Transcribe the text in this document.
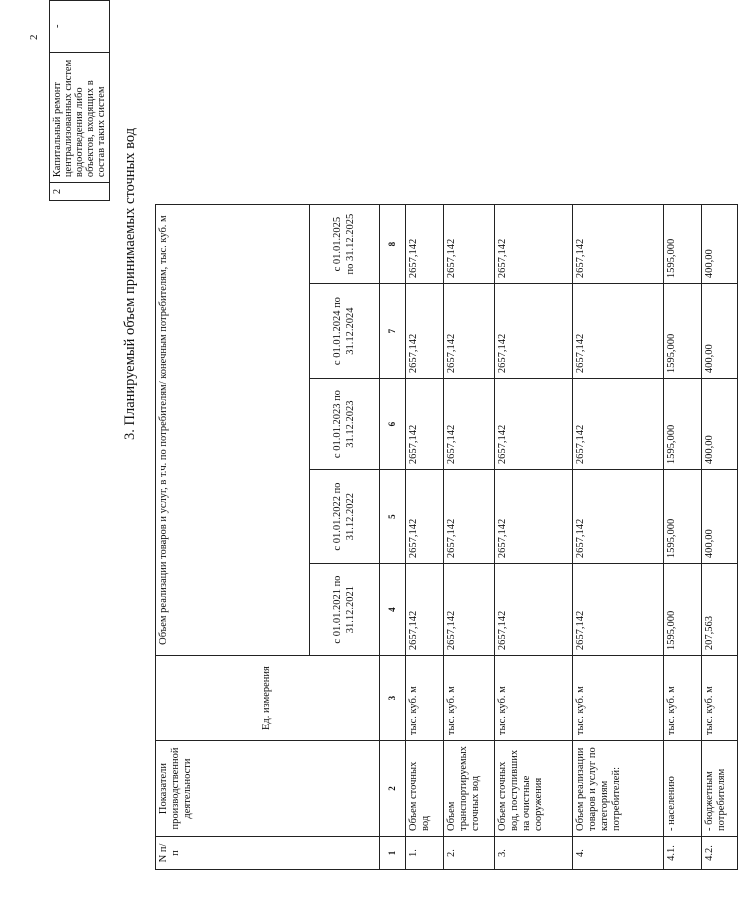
2
2	Капитальный ремонт централизованных систем водоотведения либо объектов, входящих в состав таких систем	-
3. Планируемый объем принимаемых сточных вод
N п/п	Показатели производственной деятельности	Ед. измерения	Объем реализации товаров и услуг, в т.ч. по потребителям/ конечным потребителям, тыс. куб. м				
			с 01.01.2021 по 31.12.2021	с 01.01.2022 по 31.12.2022	с 01.01.2023 по 31.12.2023	с 01.01.2024 по 31.12.2024	с 01.01.2025 по 31.12.2025
1	2	3	4	5	6	7	8
1.	Объем сточных вод	тыс. куб. м	2657,142	2657,142	2657,142	2657,142	2657,142
2.	Объем транспортируемых сточных вод	тыс. куб. м	2657,142	2657,142	2657,142	2657,142	2657,142
3.	Объем сточных вод, поступивших на очистные сооружения	тыс. куб. м	2657,142	2657,142	2657,142	2657,142	2657,142
4.	Объем реализации товаров и услуг по категориям потребителей:	тыс. куб. м	2657,142	2657,142	2657,142	2657,142	2657,142
4.1.	- населению	тыс. куб. м	1595,000	1595,000	1595,000	1595,000	1595,000
4.2.	- бюджетным потребителям	тыс. куб. м	207,563	400,00	400,00	400,00	400,00
